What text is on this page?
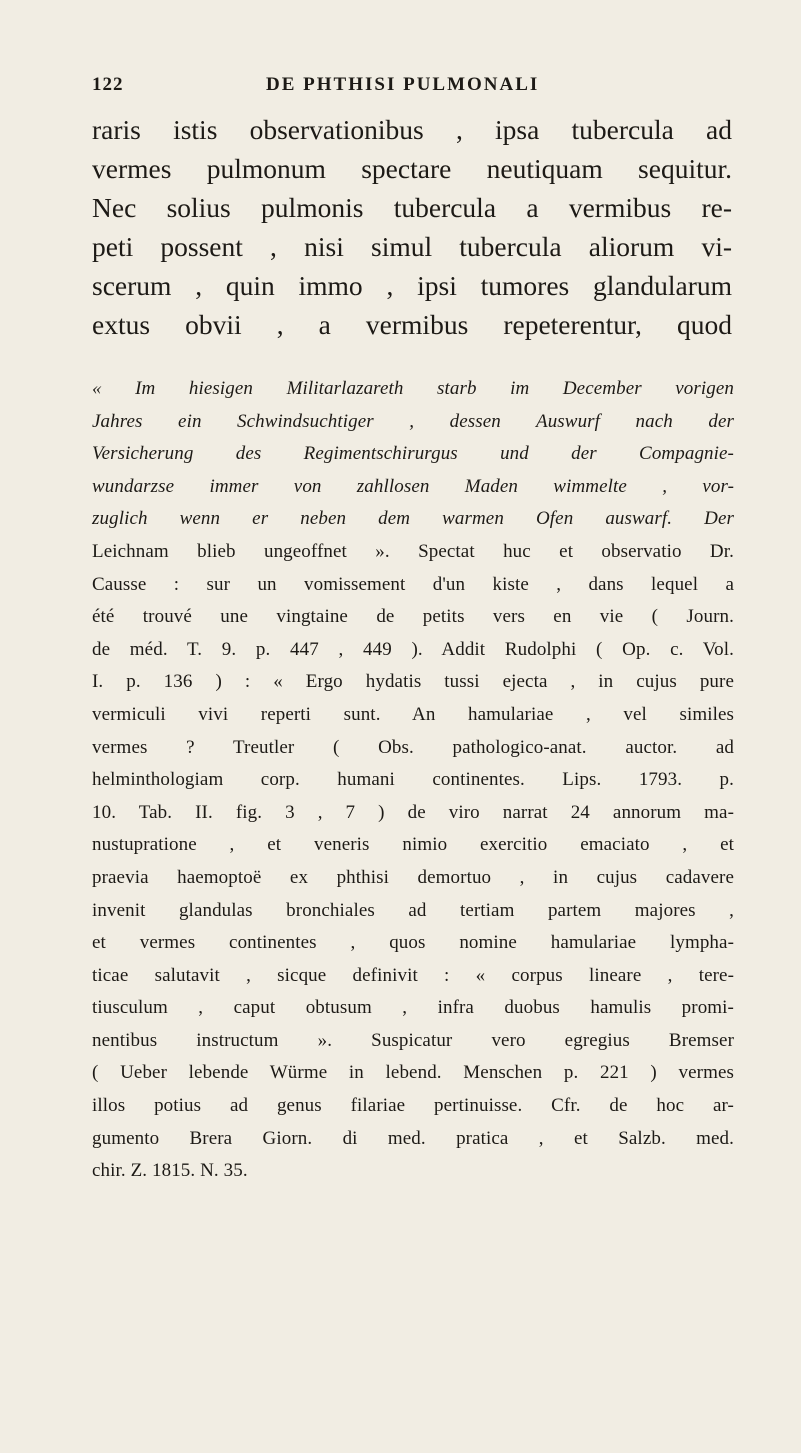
122	DE PHTHISI PULMONALI
raris istis observationibus , ipsa tubercula ad
vermes pulmonum spectare neutiquam sequitur.
Nec solius pulmonis tubercula a vermibus re-
peti possent , nisi simul tubercula aliorum vi-
scerum , quin immo , ipsi tumores glandularum
extus obvii , a vermibus repeterentur, quod
« Im hiesigen Militarlazareth starb im December vorigen
Jahres ein Schwindsuchtiger , dessen Auswurf nach der
Versicherung des Regimentschirurgus und der Compagnie-
wundarzse immer von zahllosen Maden wimmelte , vor-
zuglich wenn er neben dem warmen Ofen auswarf. Der
Leichnam blieb ungeoffnet ». Spectat huc et observatio Dr.
Causse : sur un vomissement d'un kiste , dans lequel a
été trouvé une vingtaine de petits vers en vie ( Journ.
de méd. T. 9. p. 447 , 449 ). Addit Rudolphi ( Op. c. Vol.
I. p. 136 ) : « Ergo hydatis tussi ejecta , in cujus pure
vermiculi vivi reperti sunt. An hamulariae , vel similes
vermes ? Treutler ( Obs. pathologico-anat. auctor. ad
helminthologiam corp. humani continentes. Lips. 1793. p.
10. Tab. II. fig. 3 , 7 ) de viro narrat 24 annorum ma-
nustupratione , et veneris nimio exercitio emaciato , et
praevia haemoptoë ex phthisi demortuo , in cujus cadavere
invenit glandulas bronchiales ad tertiam partem majores ,
et vermes continentes , quos nomine hamulariae lympha-
ticae salutavit , sicque definivit : « corpus lineare , tere-
tiusculum , caput obtusum , infra duobus hamulis promi-
nentibus instructum ». Suspicatur vero egregius Bremser
( Ueber lebende Würme in lebend. Menschen p. 221 ) vermes
illos potius ad genus filariae pertinuisse. Cfr. de hoc ar-
gumento Brera Giorn. di med. pratica , et Salzb. med.
chir. Z. 1815. N. 35.
